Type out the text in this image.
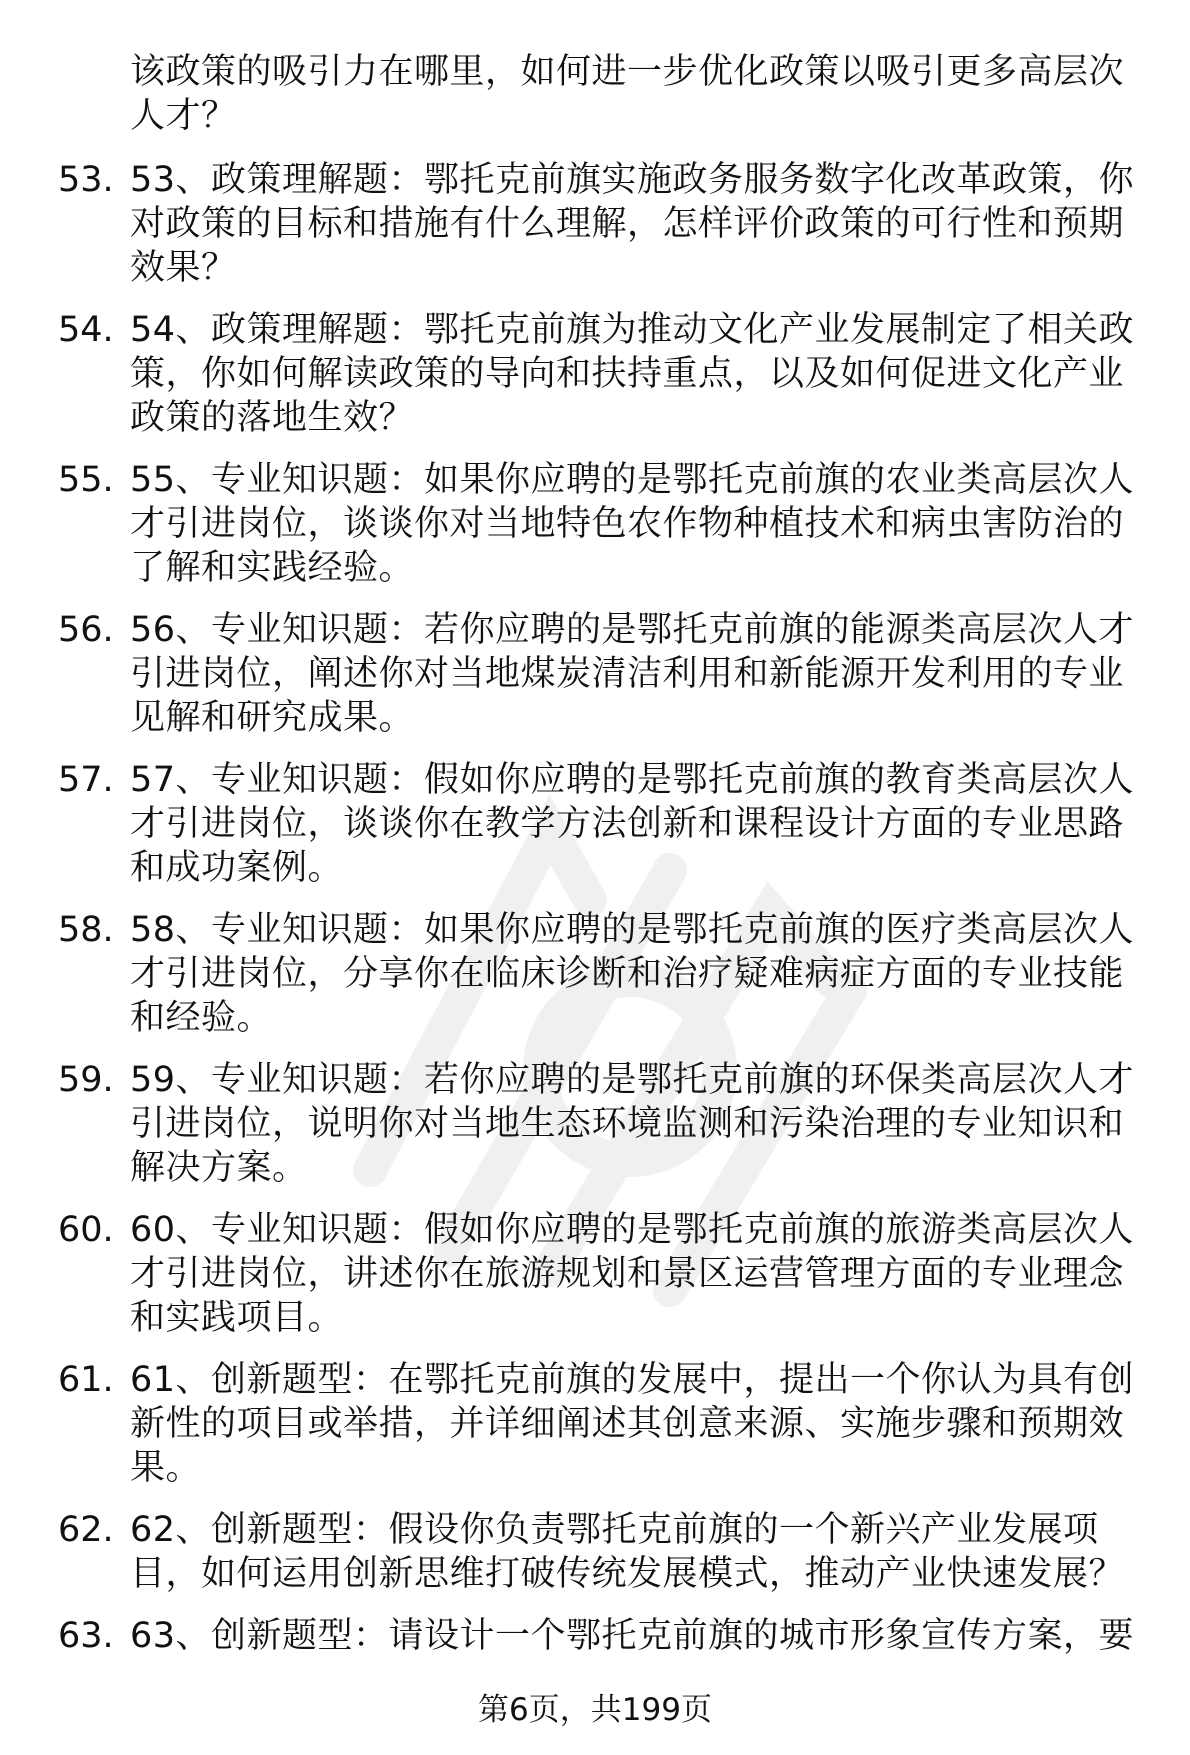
该政策的吸引力在哪里，如何进一步优化政策以吸引更多高层次人才？
53. 53、政策理解题：鄂托克前旗实施政务服务数字化改革政策，你对政策的目标和措施有什么理解，怎样评价政策的可行性和预期效果？
54. 54、政策理解题：鄂托克前旗为推动文化产业发展制定了相关政策，你如何解读政策的导向和扶持重点，以及如何促进文化产业政策的落地生效？
55. 55、专业知识题：如果你应聘的是鄂托克前旗的农业类高层次人才引进岗位，谈谈你对当地特色农作物种植技术和病虫害防治的了解和实践经验。
56. 56、专业知识题：若你应聘的是鄂托克前旗的能源类高层次人才引进岗位，阐述你对当地煤炭清洁利用和新能源开发利用的专业见解和研究成果。
57. 57、专业知识题：假如你应聘的是鄂托克前旗的教育类高层次人才引进岗位，谈谈你在教学方法创新和课程设计方面的专业思路和成功案例。
58. 58、专业知识题：如果你应聘的是鄂托克前旗的医疗类高层次人才引进岗位，分享你在临床诊断和治疗疑难病症方面的专业技能和经验。
59. 59、专业知识题：若你应聘的是鄂托克前旗的环保类高层次人才引进岗位，说明你对当地生态环境监测和污染治理的专业知识和解决方案。
60. 60、专业知识题：假如你应聘的是鄂托克前旗的旅游类高层次人才引进岗位，讲述你在旅游规划和景区运营管理方面的专业理念和实践项目。
61. 61、创新题型：在鄂托克前旗的发展中，提出一个你认为具有创新性的项目或举措，并详细阐述其创意来源、实施步骤和预期效果。
62. 62、创新题型：假设你负责鄂托克前旗的一个新兴产业发展项目，如何运用创新思维打破传统发展模式，推动产业快速发展？
63. 63、创新题型：请设计一个鄂托克前旗的城市形象宣传方案，要
第6页，共199页
